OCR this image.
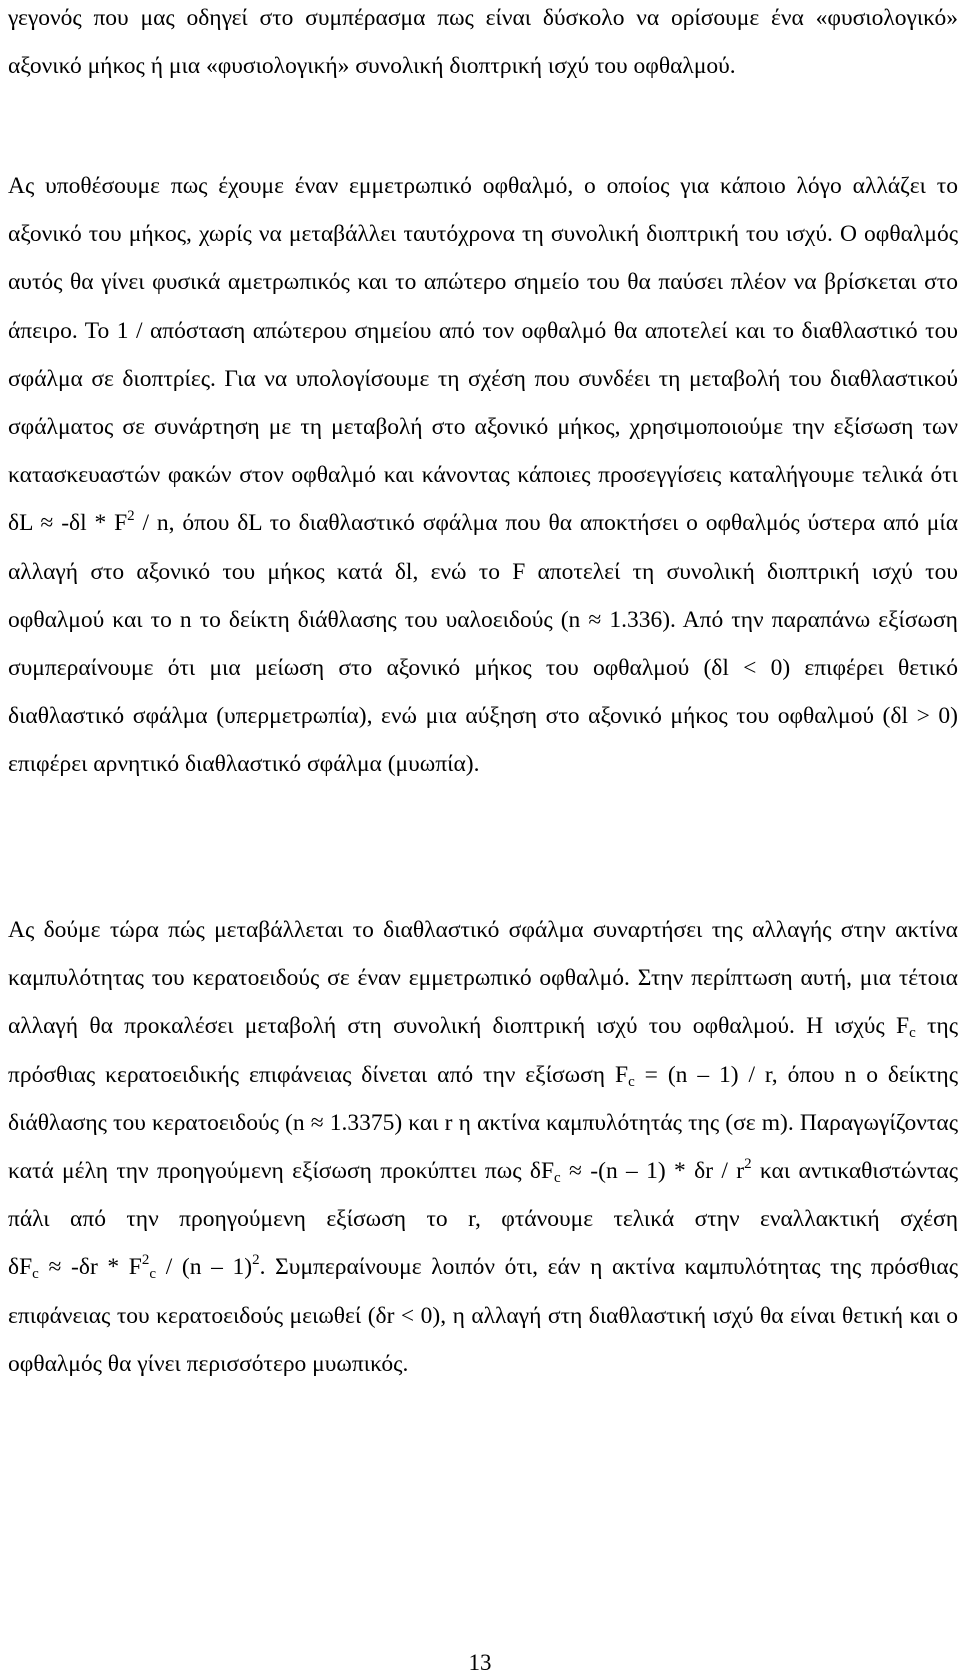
γεγονός που μας οδηγεί στο συμπέρασμα πως είναι δύσκολο να ορίσουμε ένα «φυσιολογικό» αξονικό μήκος ή μια «φυσιολογική» συνολική διοπτρική ισχύ του οφθαλμού.

Ας υποθέσουμε πως έχουμε έναν εμμετρωπικό οφθαλμό, ο οποίος για κάποιο λόγο αλλάζει το αξονικό του μήκος, χωρίς να μεταβάλλει ταυτόχρονα τη συνολική διοπτρική του ισχύ. Ο οφθαλμός αυτός θα γίνει φυσικά αμετρωπικός και το απώτερο σημείο του θα παύσει πλέον να βρίσκεται στο άπειρο. Το 1 / απόσταση απώτερου σημείου από τον οφθαλμό θα αποτελεί και το διαθλαστικό του σφάλμα σε διοπτρίες. Για να υπολογίσουμε τη σχέση που συνδέει τη μεταβολή του διαθλαστικού σφάλματος σε συνάρτηση με τη μεταβολή στο αξονικό μήκος, χρησιμοποιούμε την εξίσωση των κατασκευαστών φακών στον οφθαλμό και κάνοντας κάποιες προσεγγίσεις καταλήγουμε τελικά ότι $\delta L \approx -\delta l * F^2 / n$, όπου δL το διαθλαστικό σφάλμα που θα αποκτήσει ο οφθαλμός ύστερα από μία αλλαγή στο αξονικό του μήκος κατά δl, ενώ το F αποτελεί τη συνολική διοπτρική ισχύ του οφθαλμού και το n το δείκτη διάθλασης του υαλοειδούς (n ≈ 1.336). Από την παραπάνω εξίσωση συμπεραίνουμε ότι μια μείωση στο αξονικό μήκος του οφθαλμού (δl < 0) επιφέρει θετικό διαθλαστικό σφάλμα (υπερμετρωπία), ενώ μια αύξηση στο αξονικό μήκος του οφθαλμού (δl > 0) επιφέρει αρνητικό διαθλαστικό σφάλμα (μυωπία).

Ας δούμε τώρα πώς μεταβάλλεται το διαθλαστικό σφάλμα συναρτήσει της αλλαγής στην ακτίνα καμπυλότητας του κερατοειδούς σε έναν εμμετρωπικό οφθαλμό. Στην περίπτωση αυτή, μια τέτοια αλλαγή θα προκαλέσει μεταβολή στη συνολική διοπτρική ισχύ του οφθαλμού. Η ισχύς $F_c$ της πρόσθιας κερατοειδικής επιφάνειας δίνεται από την εξίσωση $F_c = (n - 1) / r$, όπου n ο δείκτης διάθλασης του κερατοειδούς (n ≈ 1.3375) και r η ακτίνα καμπυλότητάς της (σε m). Παραγωγίζοντας κατά μέλη την προηγούμενη εξίσωση προκύπτει πως $\delta F_c \approx -(n - 1) * \delta r / r^2$ και αντικαθιστώντας πάλι από την προηγούμενη εξίσωση το r, φτάνουμε τελικά στην εναλλακτική σχέση $\delta F_c \approx -\delta r * F^2_c / (n - 1)^2$. Συμπεραίνουμε λοιπόν ότι, εάν η ακτίνα καμπυλότητας της πρόσθιας επιφάνειας του κερατοειδούς μειωθεί (δr < 0), η αλλαγή στη διαθλαστική ισχύ θα είναι θετική και ο οφθαλμός θα γίνει περισσότερο μυωπικός.

13
